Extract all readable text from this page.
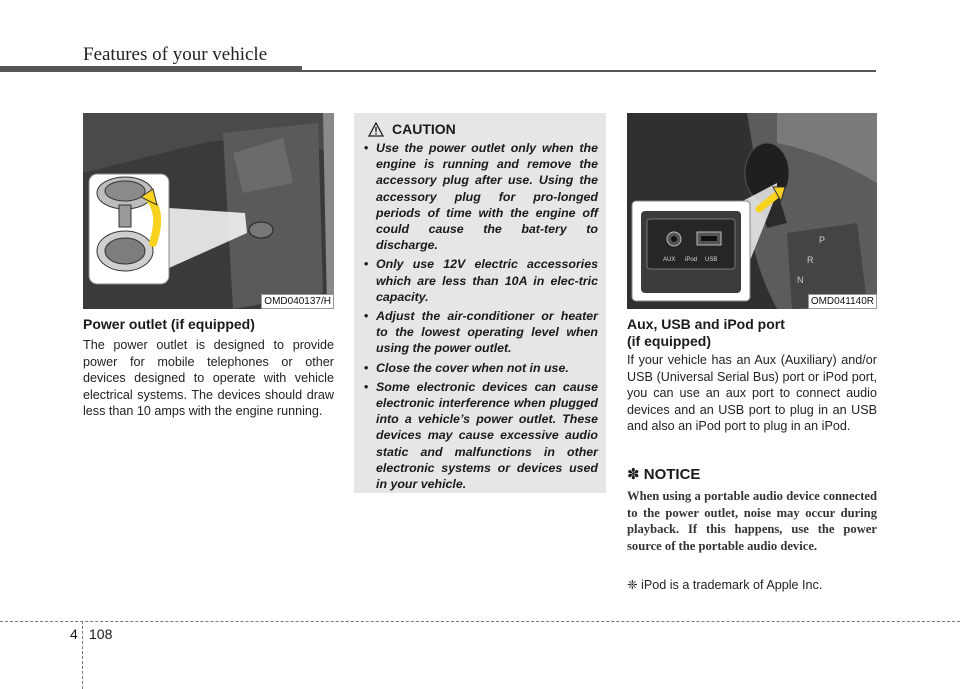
Features of your vehicle
OMD040137/H
Power outlet (if equipped)
The power outlet is designed to provide power for mobile telephones or other devices designed to operate with vehicle electrical systems. The devices should draw less than 10 amps with the engine running.
CAUTION
• Use the power outlet only when the engine is running and remove the accessory plug after use. Using the accessory plug for pro-longed periods of time with the engine off could cause the bat-tery to discharge.
• Only use 12V electric accessories which are less than 10A in elec-tric capacity.
• Adjust the air-conditioner or heater to the lowest operating level when using the power outlet.
• Close the cover when not in use.
• Some electronic devices can cause electronic interference when plugged into a vehicle’s power outlet. These devices may cause excessive audio static and malfunctions in other electronic systems or devices used in your vehicle.
P
R
N
AUX iPod USB
OMD041140R
Aux, USB and iPod port
(if equipped)
If your vehicle has an Aux (Auxiliary) and/or USB (Universal Serial Bus) port or iPod port, you can use an aux port to connect audio devices and an USB port to plug in an USB and also an iPod port to plug in an iPod.
✽ NOTICE
When using a portable audio device connected to the power outlet, noise may occur during playback. If this happens, use the power source of the portable audio device.
❈ iPod is a trademark of Apple Inc.
4 108
